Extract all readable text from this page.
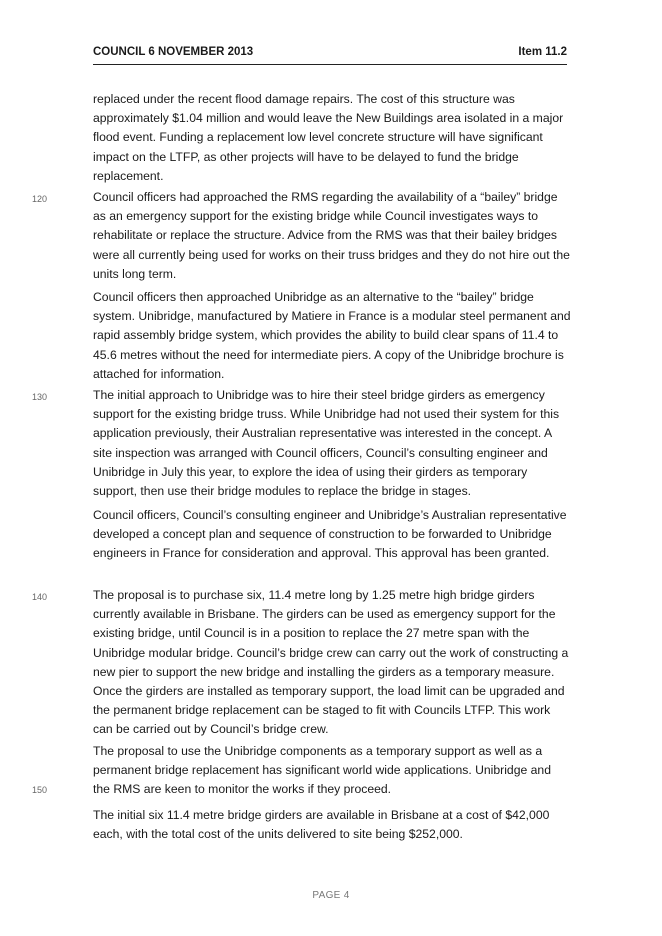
COUNCIL 6 NOVEMBER 2013	Item 11.2
replaced under the recent flood damage repairs. The cost of this structure was approximately $1.04 million and would leave the New Buildings area isolated in a major flood event. Funding a replacement low level concrete structure will have significant impact on the LTFP, as other projects will have to be delayed to fund the bridge replacement.
120	Council officers had approached the RMS regarding the availability of a “bailey” bridge as an emergency support for the existing bridge while Council investigates ways to rehabilitate or replace the structure. Advice from the RMS was that their bailey bridges were all currently being used for works on their truss bridges and they do not hire out the units long term.
Council officers then approached Unibridge as an alternative to the “bailey” bridge system. Unibridge, manufactured by Matiere in France is a modular steel permanent and rapid assembly bridge system, which provides the ability to build clear spans of 11.4 to 45.6 metres without the need for intermediate piers. A copy of the Unibridge brochure is attached for information.
130	The initial approach to Unibridge was to hire their steel bridge girders as emergency support for the existing bridge truss. While Unibridge had not used their system for this application previously, their Australian representative was interested in the concept. A site inspection was arranged with Council officers, Council’s consulting engineer and Unibridge in July this year, to explore the idea of using their girders as temporary support, then use their bridge modules to replace the bridge in stages.
Council officers, Council’s consulting engineer and Unibridge’s Australian representative developed a concept plan and sequence of construction to be forwarded to Unibridge engineers in France for consideration and approval. This approval has been granted.
140	The proposal is to purchase six, 11.4 metre long by 1.25 metre high bridge girders currently available in Brisbane. The girders can be used as emergency support for the existing bridge, until Council is in a position to replace the 27 metre span with the Unibridge modular bridge. Council’s bridge crew can carry out the work of constructing a new pier to support the new bridge and installing the girders as a temporary measure. Once the girders are installed as temporary support, the load limit can be upgraded and the permanent bridge replacement can be staged to fit with Councils LTFP. This work can be carried out by Council’s bridge crew.
The proposal to use the Unibridge components as a temporary support as well as a permanent bridge replacement has significant world wide applications. Unibridge and the RMS are keen to monitor the works if they proceed.
150
The initial six 11.4 metre bridge girders are available in Brisbane at a cost of $42,000 each, with the total cost of the units delivered to site being $252,000.
PAGE 4
